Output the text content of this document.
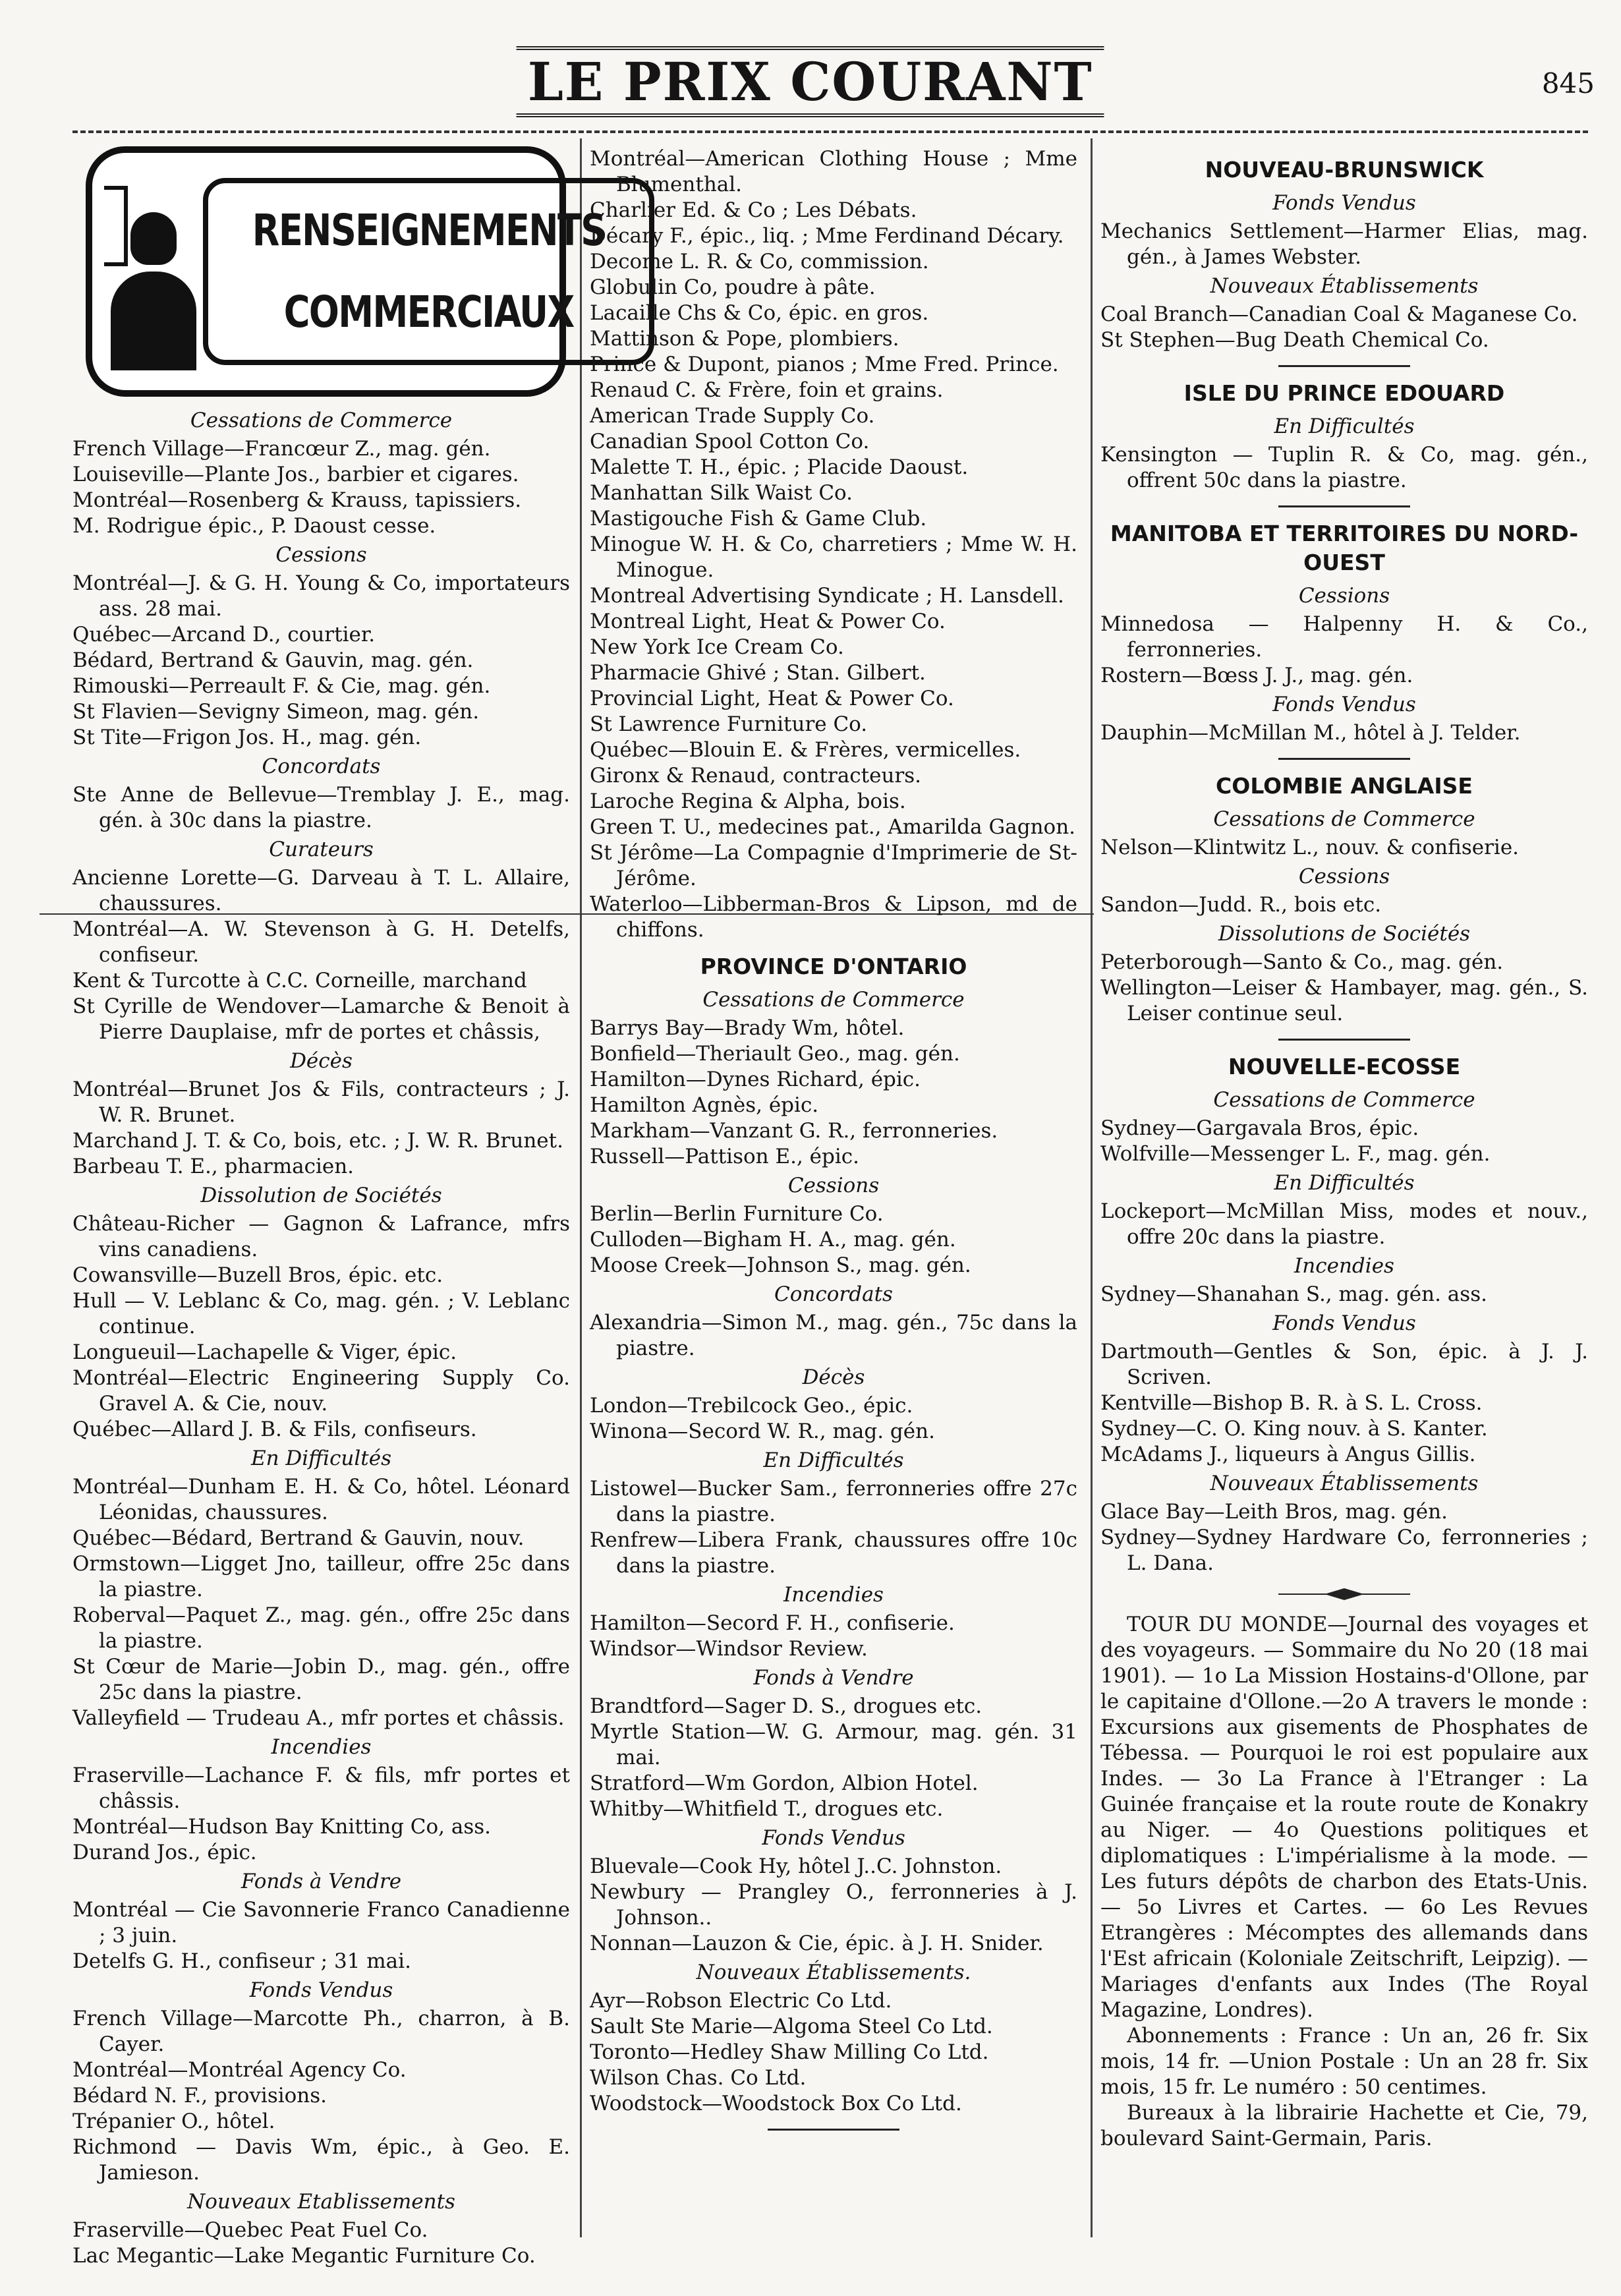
LE PRIX COURANT	845
RENSEIGNEMENTS
COMMERCIAUX
Cessations de Commerce
French Village—Francœur Z., mag. gén.
Louiseville—Plante Jos., barbier et cigares.
Montréal—Rosenberg & Krauss, tapissiers.
M. Rodrigue épic., P. Daoust cesse.
Cessions
Montréal—J. & G. H. Young & Co, importateurs ass. 28 mai.
Québec—Arcand D., courtier.
Bédard, Bertrand & Gauvin, mag. gén.
Rimouski—Perreault F. & Cie, mag. gén.
St Flavien—Sevigny Simeon, mag. gén.
St Tite—Frigon Jos. H., mag. gén.
Concordats
Ste Anne de Bellevue—Tremblay J. E., mag. gén. à 30c dans la piastre.
Curateurs
Ancienne Lorette—G. Darveau à T. L. Allaire, chaussures.
Montréal—A. W. Stevenson à G. H. Detelfs, confiseur.
Kent & Turcotte à C.C. Corneille, marchand
St Cyrille de Wendover—Lamarche & Benoit à Pierre Dauplaise, mfr de portes et châssis,
Décès
Montréal—Brunet Jos & Fils, contracteurs ; J. W. R. Brunet.
Marchand J. T. & Co, bois, etc. ; J. W. R. Brunet.
Barbeau T. E., pharmacien.
Dissolution de Sociétés
Château-Richer — Gagnon & Lafrance, mfrs vins canadiens.
Cowansville—Buzell Bros, épic. etc.
Hull — V. Leblanc & Co, mag. gén. ; V. Leblanc continue.
Longueuil—Lachapelle & Viger, épic.
Montréal—Electric Engineering Supply Co. Gravel A. & Cie, nouv.
Québec—Allard J. B. & Fils, confiseurs.
En Difficultés
Montréal—Dunham E. H. & Co, hôtel. Léonard Léonidas, chaussures.
Québec—Bédard, Bertrand & Gauvin, nouv.
Ormstown—Ligget Jno, tailleur, offre 25c dans la piastre.
Roberval—Paquet Z., mag. gén., offre 25c dans la piastre.
St Cœur de Marie—Jobin D., mag. gén., offre 25c dans la piastre.
Valleyfield — Trudeau A., mfr portes et châssis.
Incendies
Fraserville—Lachance F. & fils, mfr portes et châssis.
Montréal—Hudson Bay Knitting Co, ass.
Durand Jos., épic.
Fonds à Vendre
Montréal — Cie Savonnerie Franco Canadienne ; 3 juin.
Detelfs G. H., confiseur ; 31 mai.
Fonds Vendus
French Village—Marcotte Ph., charron, à B. Cayer.
Montréal—Montréal Agency Co.
Bédard N. F., provisions.
Trépanier O., hôtel.
Richmond — Davis Wm, épic., à Geo. E. Jamieson.
Nouveaux Etablissements
Fraserville—Quebec Peat Fuel Co.
Lac Megantic—Lake Megantic Furniture Co.
Montréal—American Clothing House ; Mme Blumenthal.
Charlier Ed. & Co ; Les Débats.
Décary F., épic., liq. ; Mme Ferdinand Décary.
Decome L. R. & Co, commission.
Globulin Co, poudre à pâte.
Lacaille Chs & Co, épic. en gros.
Mattinson & Pope, plombiers.
Prince & Dupont, pianos ; Mme Fred. Prince.
Renaud C. & Frère, foin et grains.
American Trade Supply Co.
Canadian Spool Cotton Co.
Malette T. H., épic. ; Placide Daoust.
Manhattan Silk Waist Co.
Mastigouche Fish & Game Club.
Minogue W. H. & Co, charretiers ; Mme W. H. Minogue.
Montreal Advertising Syndicate ; H. Lansdell.
Montreal Light, Heat & Power Co.
New York Ice Cream Co.
Pharmacie Ghivé ; Stan. Gilbert.
Provincial Light, Heat & Power Co.
St Lawrence Furniture Co.
Québec—Blouin E. & Frères, vermicelles.
Gironx & Renaud, contracteurs.
Laroche Regina & Alpha, bois.
Green T. U., medecines pat., Amarilda Gagnon.
St Jérôme—La Compagnie d'Imprimerie de St-Jérôme.
Waterloo—Libberman-Bros & Lipson, md de chiffons.
PROVINCE D'ONTARIO
Cessations de Commerce
Barrys Bay—Brady Wm, hôtel.
Bonfield—Theriault Geo., mag. gén.
Hamilton—Dynes Richard, épic.
Hamilton Agnès, épic.
Markham—Vanzant G. R., ferronneries.
Russell—Pattison E., épic.
Cessions
Berlin—Berlin Furniture Co.
Culloden—Bigham H. A., mag. gén.
Moose Creek—Johnson S., mag. gén.
Concordats
Alexandria—Simon M., mag. gén., 75c dans la piastre.
Décès
London—Trebilcock Geo., épic.
Winona—Secord W. R., mag. gén.
En Difficultés
Listowel—Bucker Sam., ferronneries offre 27c dans la piastre.
Renfrew—Libera Frank, chaussures offre 10c dans la piastre.
Incendies
Hamilton—Secord F. H., confiserie.
Windsor—Windsor Review.
Fonds à Vendre
Brandtford—Sager D. S., drogues etc.
Myrtle Station—W. G. Armour, mag. gén. 31 mai.
Stratford—Wm Gordon, Albion Hotel.
Whitby—Whitfield T., drogues etc.
Fonds Vendus
Bluevale—Cook Hy, hôtel J..C. Johnston.
Newbury — Prangley O., ferronneries à J. Johnson..
Nonnan—Lauzon & Cie, épic. à J. H. Snider.
Nouveaux Établissements.
Ayr—Robson Electric Co Ltd.
Sault Ste Marie—Algoma Steel Co Ltd.
Toronto—Hedley Shaw Milling Co Ltd.
Wilson Chas. Co Ltd.
Woodstock—Woodstock Box Co Ltd.
NOUVEAU-BRUNSWICK
Fonds Vendus
Mechanics Settlement—Harmer Elias, mag. gén., à James Webster.
Nouveaux Établissements
Coal Branch—Canadian Coal & Maganese Co.
St Stephen—Bug Death Chemical Co.
ISLE DU PRINCE EDOUARD
En Difficultés
Kensington — Tuplin R. & Co, mag. gén., offrent 50c dans la piastre.
MANITOBA ET TERRITOIRES DU NORD-OUEST
Cessions
Minnedosa — Halpenny H. & Co., ferronneries.
Rostern—Bœss J. J., mag. gén.
Fonds Vendus
Dauphin—McMillan M., hôtel à J. Telder.
COLOMBIE ANGLAISE
Cessations de Commerce
Nelson—Klintwitz L., nouv. & confiserie.
Cessions
Sandon—Judd. R., bois etc.
Dissolutions de Sociétés
Peterborough—Santo & Co., mag. gén.
Wellington—Leiser & Hambayer, mag. gén., S. Leiser continue seul.
NOUVELLE-ECOSSE
Cessations de Commerce
Sydney—Gargavala Bros, épic.
Wolfville—Messenger L. F., mag. gén.
En Difficultés
Lockeport—McMillan Miss, modes et nouv., offre 20c dans la piastre.
Incendies
Sydney—Shanahan S., mag. gén. ass.
Fonds Vendus
Dartmouth—Gentles & Son, épic. à J. J. Scriven.
Kentville—Bishop B. R. à S. L. Cross.
Sydney—C. O. King nouv. à S. Kanter.
McAdams J., liqueurs à Angus Gillis.
Nouveaux Établissements
Glace Bay—Leith Bros, mag. gén.
Sydney—Sydney Hardware Co, ferronneries ; L. Dana.
TOUR DU MONDE—Journal des voyages et des voyageurs. — Sommaire du No 20 (18 mai 1901). — 1o La Mission Hostains-d'Ollone, par le capitaine d'Ollone.—2o A travers le monde : Excursions aux gisements de Phosphates de Tébessa. — Pourquoi le roi est populaire aux Indes. — 3o La France à l'Etranger : La Guinée française et la route route de Konakry au Niger. — 4o Questions politiques et diplomatiques : L'impérialisme à la mode. — Les futurs dépôts de charbon des Etats-Unis. — 5o Livres et Cartes. — 6o Les Revues Etrangères : Mécomptes des allemands dans l'Est africain (Koloniale Zeitschrift, Leipzig). — Mariages d'enfants aux Indes (The Royal Magazine, Londres).
Abonnements : France : Un an, 26 fr. Six mois, 14 fr. —Union Postale : Un an 28 fr. Six mois, 15 fr. Le numéro : 50 centimes.
Bureaux à la librairie Hachette et Cie, 79, boulevard Saint-Germain, Paris.
